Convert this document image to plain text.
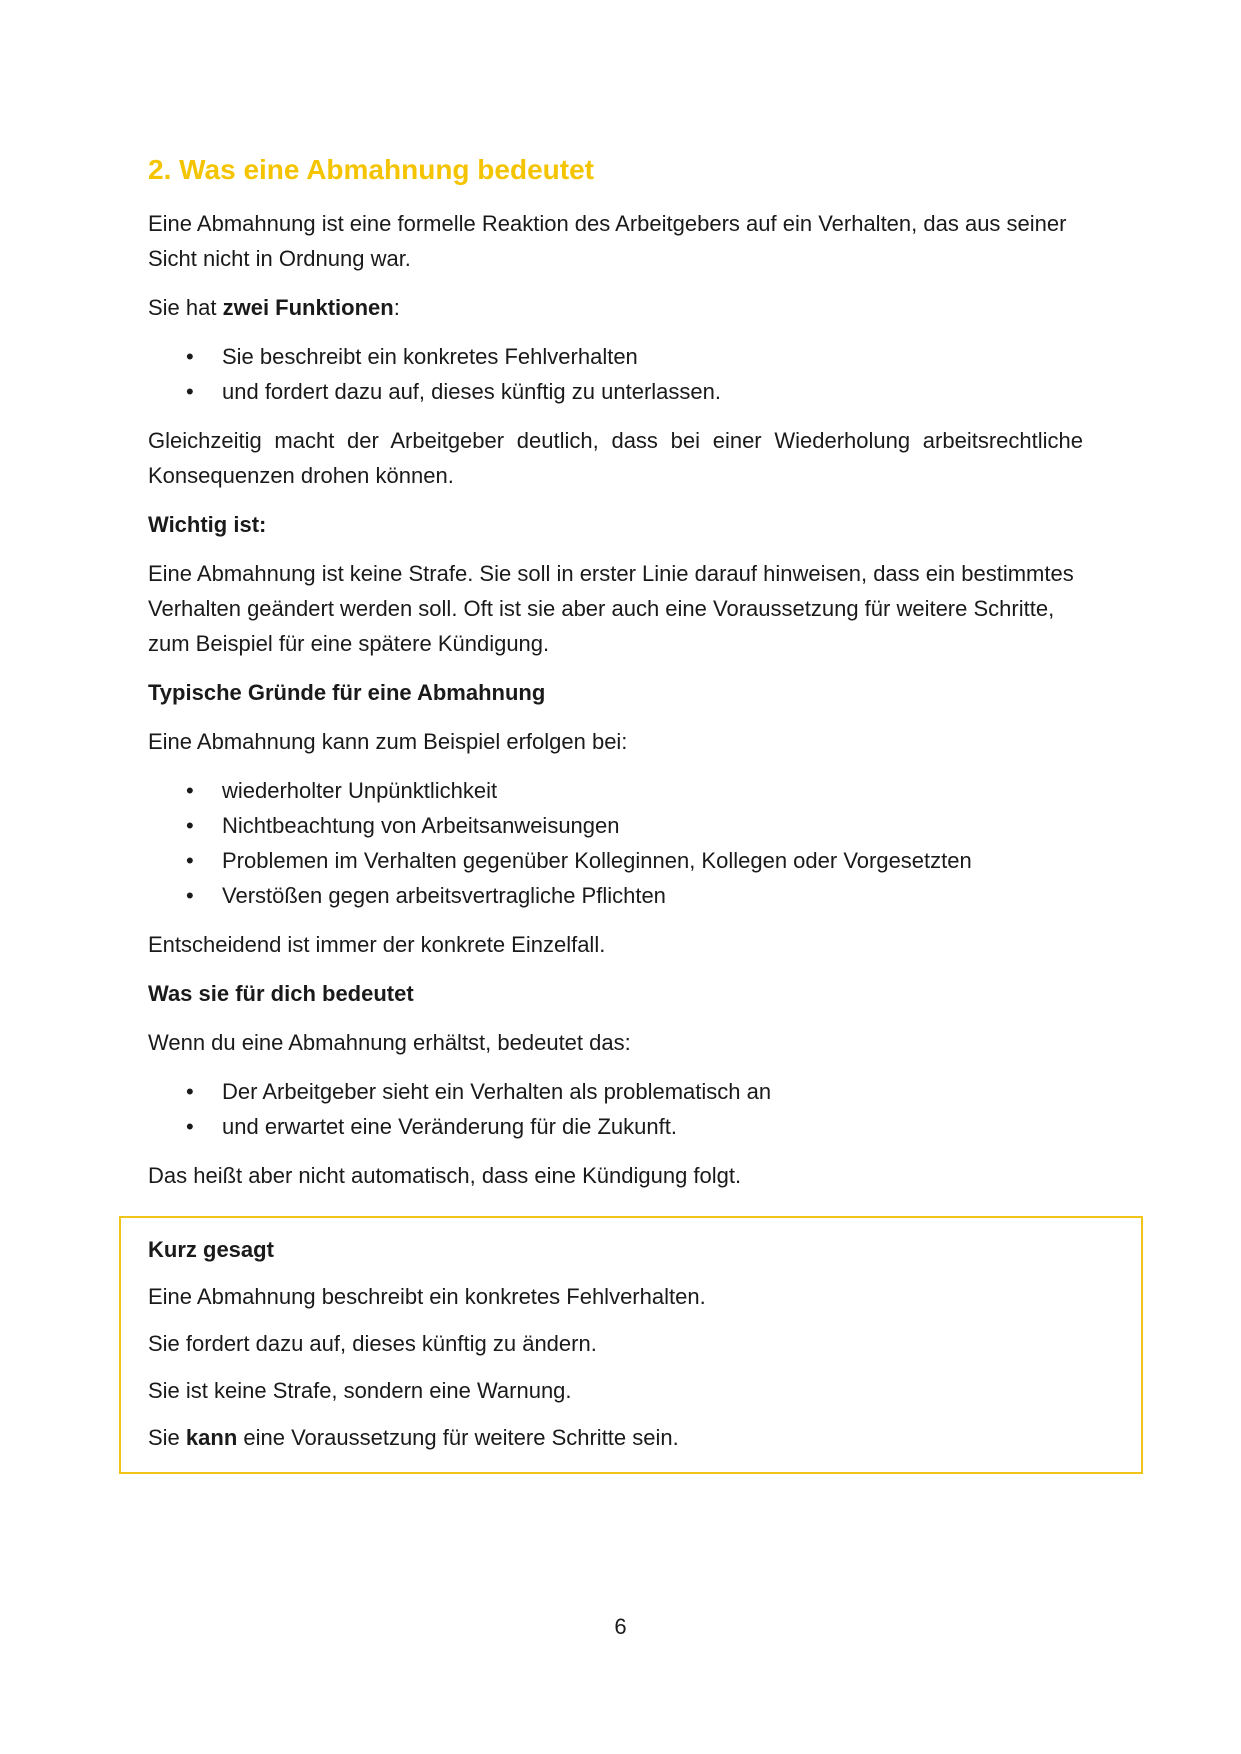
2. Was eine Abmahnung bedeutet

Eine Abmahnung ist eine formelle Reaktion des Arbeitgebers auf ein Verhalten, das aus seiner Sicht nicht in Ordnung war.

Sie hat zwei Funktionen:

• Sie beschreibt ein konkretes Fehlverhalten
• und fordert dazu auf, dieses künftig zu unterlassen.

Gleichzeitig macht der Arbeitgeber deutlich, dass bei einer Wiederholung arbeitsrechtliche Konsequenzen drohen können.

Wichtig ist:

Eine Abmahnung ist keine Strafe. Sie soll in erster Linie darauf hinweisen, dass ein bestimmtes Verhalten geändert werden soll. Oft ist sie aber auch eine Voraussetzung für weitere Schritte, zum Beispiel für eine spätere Kündigung.

Typische Gründe für eine Abmahnung

Eine Abmahnung kann zum Beispiel erfolgen bei:

• wiederholter Unpünktlichkeit
• Nichtbeachtung von Arbeitsanweisungen
• Problemen im Verhalten gegenüber Kolleginnen, Kollegen oder Vorgesetzten
• Verstößen gegen arbeitsvertragliche Pflichten

Entscheidend ist immer der konkrete Einzelfall.

Was sie für dich bedeutet

Wenn du eine Abmahnung erhältst, bedeutet das:

• Der Arbeitgeber sieht ein Verhalten als problematisch an
• und erwartet eine Veränderung für die Zukunft.

Das heißt aber nicht automatisch, dass eine Kündigung folgt.

Kurz gesagt

Eine Abmahnung beschreibt ein konkretes Fehlverhalten.

Sie fordert dazu auf, dieses künftig zu ändern.

Sie ist keine Strafe, sondern eine Warnung.

Sie kann eine Voraussetzung für weitere Schritte sein.

6
